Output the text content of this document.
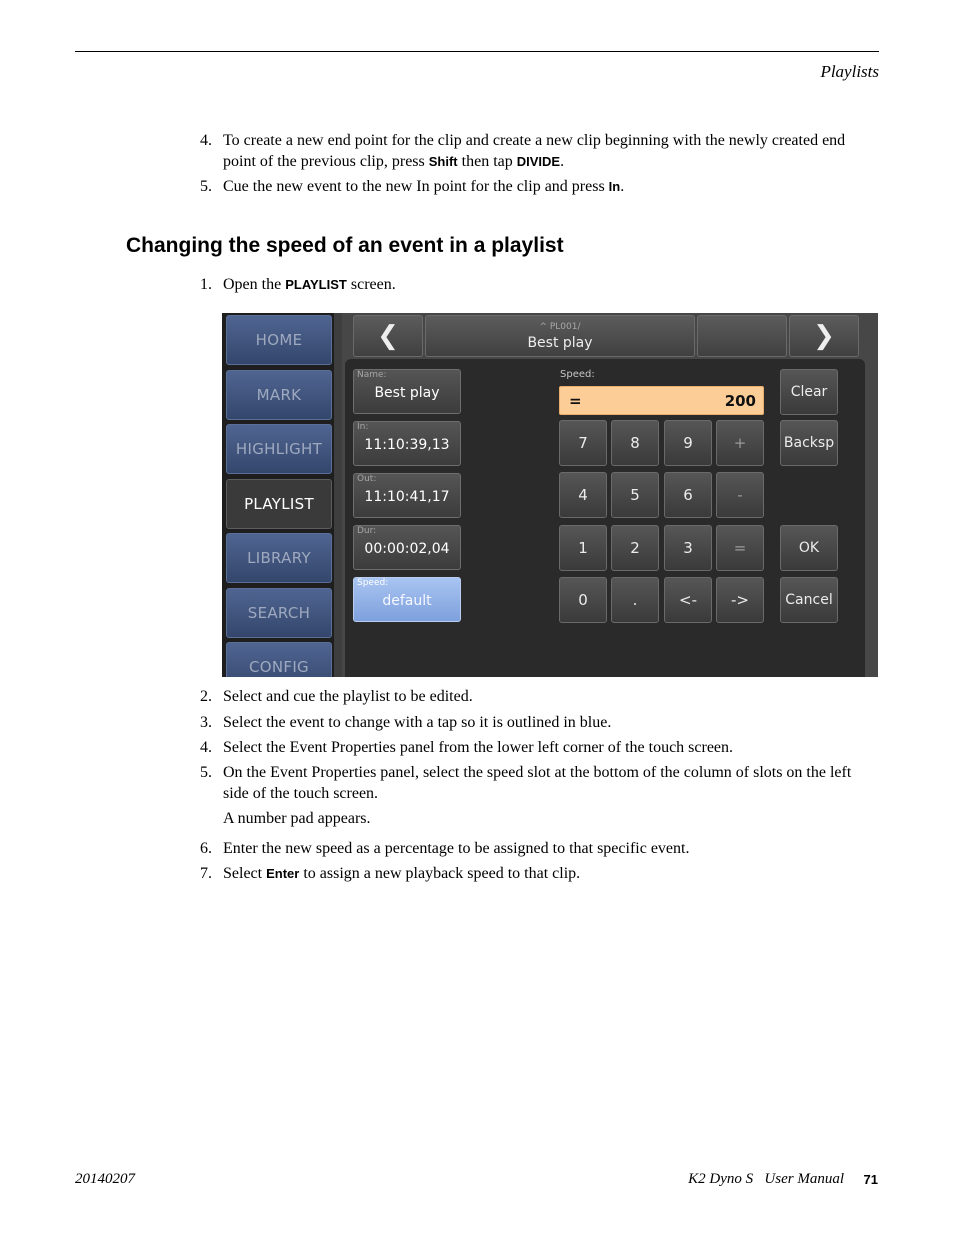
Playlists
4. To create a new end point for the clip and create a new clip beginning with the newly created end point of the previous clip, press Shift then tap DIVIDE.
5. Cue the new event to the new In point for the clip and press In.
Changing the speed of an event in a playlist
1. Open the PLAYLIST screen.
HOME
MARK
HIGHLIGHT
PLAYLIST
LIBRARY
SEARCH
CONFIG
❮	^ PL001/
Best play	❯
Name:
Best play
In:
11:10:39,13
Out:
11:10:41,17
Dur:
00:00:02,04
Speed:
default
Speed:
=	200
7	8	9	+
4	5	6	-
1	2	3	=
0	.	<-	->
Clear
Backsp
OK
Cancel
2. Select and cue the playlist to be edited.
3. Select the event to change with a tap so it is outlined in blue.
4. Select the Event Properties panel from the lower left corner of the touch screen.
5. On the Event Properties panel, select the speed slot at the bottom of the column of slots on the left side of the touch screen.
A number pad appears.
6. Enter the new speed as a percentage to be assigned to that specific event.
7. Select Enter to assign a new playback speed to that clip.
20140207	K2 Dyno S   User Manual 71
